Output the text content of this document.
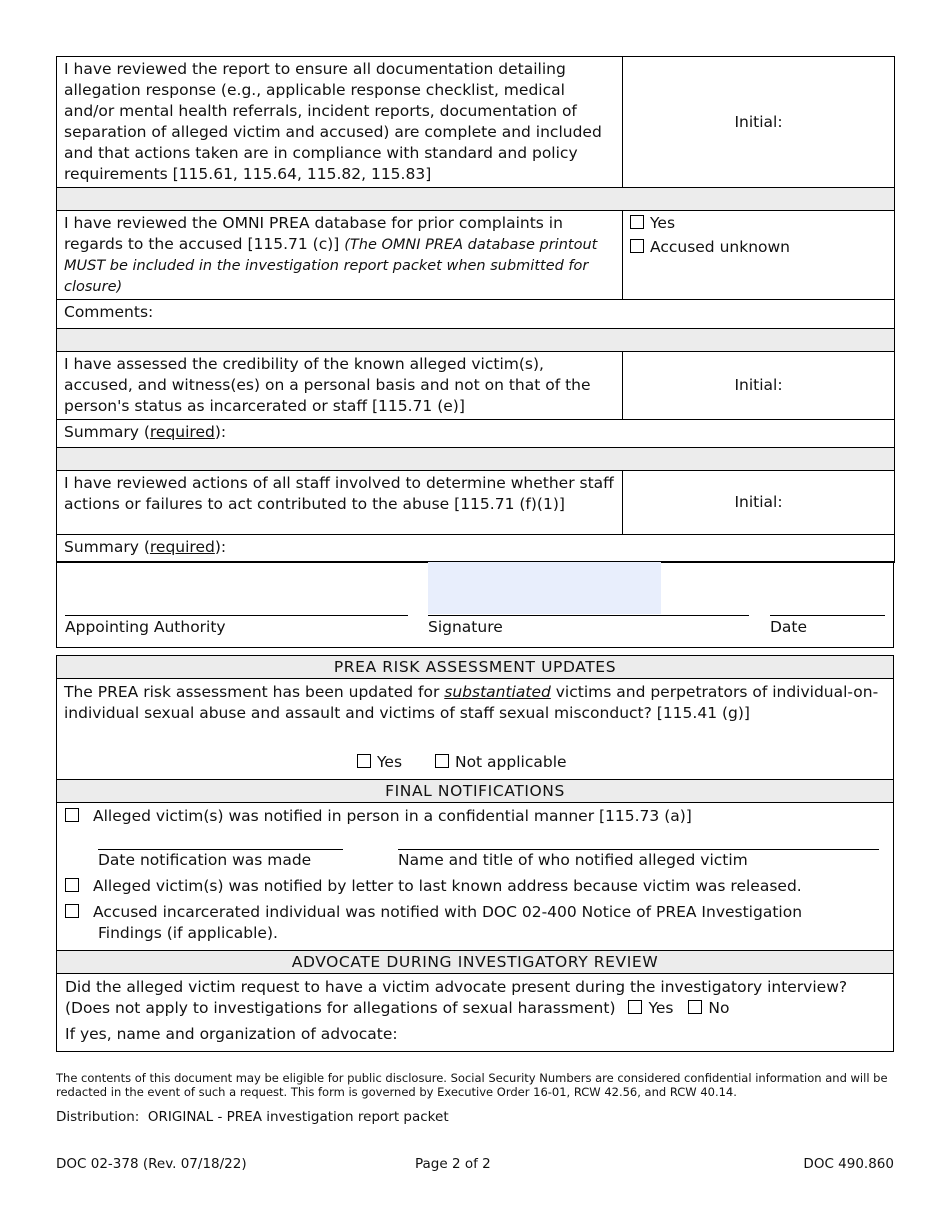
I have reviewed the report to ensure all documentation detailing allegation response (e.g., applicable response checklist, medical and/or mental health referrals, incident reports, documentation of separation of alleged victim and accused) are complete and included and that actions taken are in compliance with standard and policy requirements [115.61, 115.64, 115.82, 115.83]	Initial:

I have reviewed the OMNI PREA database for prior complaints in regards to the accused [115.71 (c)] (The OMNI PREA database printout MUST be included in the investigation report packet when submitted for closure)	Yes
Accused unknown

Comments:	

I have assessed the credibility of the known alleged victim(s), accused, and witness(es) on a personal basis and not on that of the person's status as incarcerated or staff [115.71 (e)]	Initial:
Summary (required):	

I have reviewed actions of all staff involved to determine whether staff actions or failures to act contributed to the abuse [115.71 (f)(1)]	Initial:
Summary (required):	
Appointing Authority	Signature	Date
PREA RISK ASSESSMENT UPDATES
The PREA risk assessment has been updated for substantiated victims and perpetrators of individual-on-individual sexual abuse and assault and victims of staff sexual misconduct? [115.41 (g)]
Yes	Not applicable
FINAL NOTIFICATIONS
Alleged victim(s) was notified in person in a confidential manner [115.73 (a)]
Date notification was made	Name and title of who notified alleged victim
Alleged victim(s) was notified by letter to last known address because victim was released.
Accused incarcerated individual was notified with DOC 02-400 Notice of PREA Investigation
Findings (if applicable).
ADVOCATE DURING INVESTIGATORY REVIEW
Did the alleged victim request to have a victim advocate present during the investigatory interview?
(Does not apply to investigations for allegations of sexual harassment) Yes No
If yes, name and organization of advocate:
The contents of this document may be eligible for public disclosure. Social Security Numbers are considered confidential information and will be redacted in the event of such a request. This form is governed by Executive Order 16-01, RCW 42.56, and RCW 40.14.
Distribution: ORIGINAL - PREA investigation report packet
DOC 02-378 (Rev. 07/18/22)	Page 2 of 2	DOC 490.860
